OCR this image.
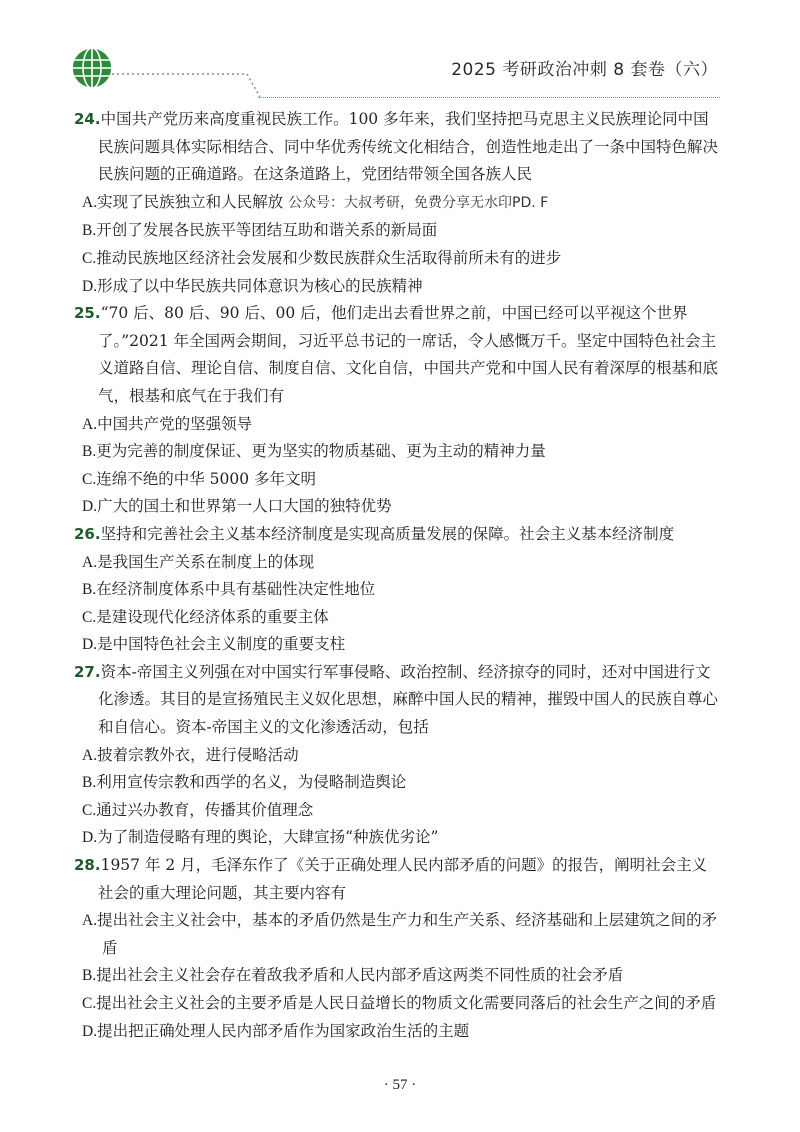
2025 考研政治冲刺 8 套卷（六）

24.中国共产党历来高度重视民族工作。100 多年来，我们坚持把马克思主义民族理论同中国民族问题具体实际相结合、同中华优秀传统文化相结合，创造性地走出了一条中国特色解决民族问题的正确道路。在这条道路上，党团结带领全国各族人民

A.实现了民族独立和人民解放 公众号：大叔考研，免费分享无水印PD. F

B.开创了发展各民族平等团结互助和谐关系的新局面

C.推动民族地区经济社会发展和少数民族群众生活取得前所未有的进步

D.形成了以中华民族共同体意识为核心的民族精神

25.“70 后、80 后、90 后、00 后，他们走出去看世界之前，中国已经可以平视这个世界了。”2021 年全国两会期间，习近平总书记的一席话，令人感慨万千。坚定中国特色社会主义道路自信、理论自信、制度自信、文化自信，中国共产党和中国人民有着深厚的根基和底气，根基和底气在于我们有

A.中国共产党的坚强领导

B.更为完善的制度保证、更为坚实的物质基础、更为主动的精神力量

C.连绵不绝的中华 5000 多年文明

D.广大的国土和世界第一人口大国的独特优势

26.坚持和完善社会主义基本经济制度是实现高质量发展的保障。社会主义基本经济制度

A.是我国生产关系在制度上的体现

B.在经济制度体系中具有基础性决定性地位

C.是建设现代化经济体系的重要主体

D.是中国特色社会主义制度的重要支柱

27.资本-帝国主义列强在对中国实行军事侵略、政治控制、经济掠夺的同时，还对中国进行文化渗透。其目的是宣扬殖民主义奴化思想，麻醉中国人民的精神，摧毁中国人的民族自尊心和自信心。资本-帝国主义的文化渗透活动，包括

A.披着宗教外衣，进行侵略活动

B.利用宣传宗教和西学的名义，为侵略制造舆论

C.通过兴办教育，传播其价值理念

D.为了制造侵略有理的舆论，大肆宣扬“种族优劣论”

28.1957 年 2 月，毛泽东作了《关于正确处理人民内部矛盾的问题》的报告，阐明社会主义社会的重大理论问题，其主要内容有

A.提出社会主义社会中，基本的矛盾仍然是生产力和生产关系、经济基础和上层建筑之间的矛盾

B.提出社会主义社会存在着敌我矛盾和人民内部矛盾这两类不同性质的社会矛盾

C.提出社会主义社会的主要矛盾是人民日益增长的物质文化需要同落后的社会生产之间的矛盾

D.提出把正确处理人民内部矛盾作为国家政治生活的主题

· 57 ·
